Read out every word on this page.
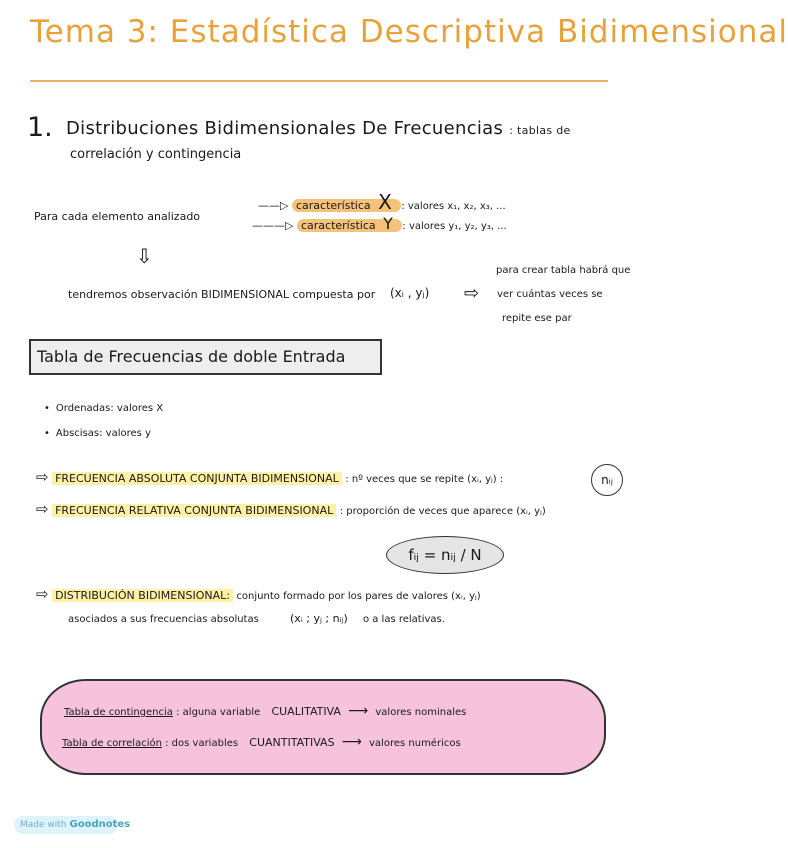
Tema 3: Estadística Descriptiva Bidimensional
1. Distribuciones Bidimensionales De Frecuencias : tablas de
correlación y contingencia
Para cada elemento analizado
——▷ característica X : valores x₁, x₂, x₃, ...
———▷ característica Y : valores y₁, y₂, y₃, ...
⇩
tendremos observación BIDIMENSIONAL compuesta por (xᵢ , yⱼ) ⇨
para crear tabla habrá que
ver cuántas veces se
repite ese par
Tabla de Frecuencias de doble Entrada
• Ordenadas: valores X
• Abscisas: valores y
⇨ FRECUENCIA ABSOLUTA CONJUNTA BIDIMENSIONAL : nº veces que se repite (xᵢ, yⱼ) :	nᵢⱼ
⇨ FRECUENCIA RELATIVA CONJUNTA BIDIMENSIONAL : proporción de veces que aparece (xᵢ, yⱼ)
fᵢⱼ = nᵢⱼ / N
⇨ DISTRIBUCIÓN BIDIMENSIONAL: conjunto formado por los pares de valores (xᵢ, yⱼ)
asociados a sus frecuencias absolutas	(xᵢ ; yⱼ ; nᵢⱼ) o a las relativas.
Tabla de contingencia : alguna variable CUALITATIVA ⟶ valores nominales
Tabla de correlación : dos variables CUANTITATIVAS ⟶ valores numéricos
Made with Goodnotes
